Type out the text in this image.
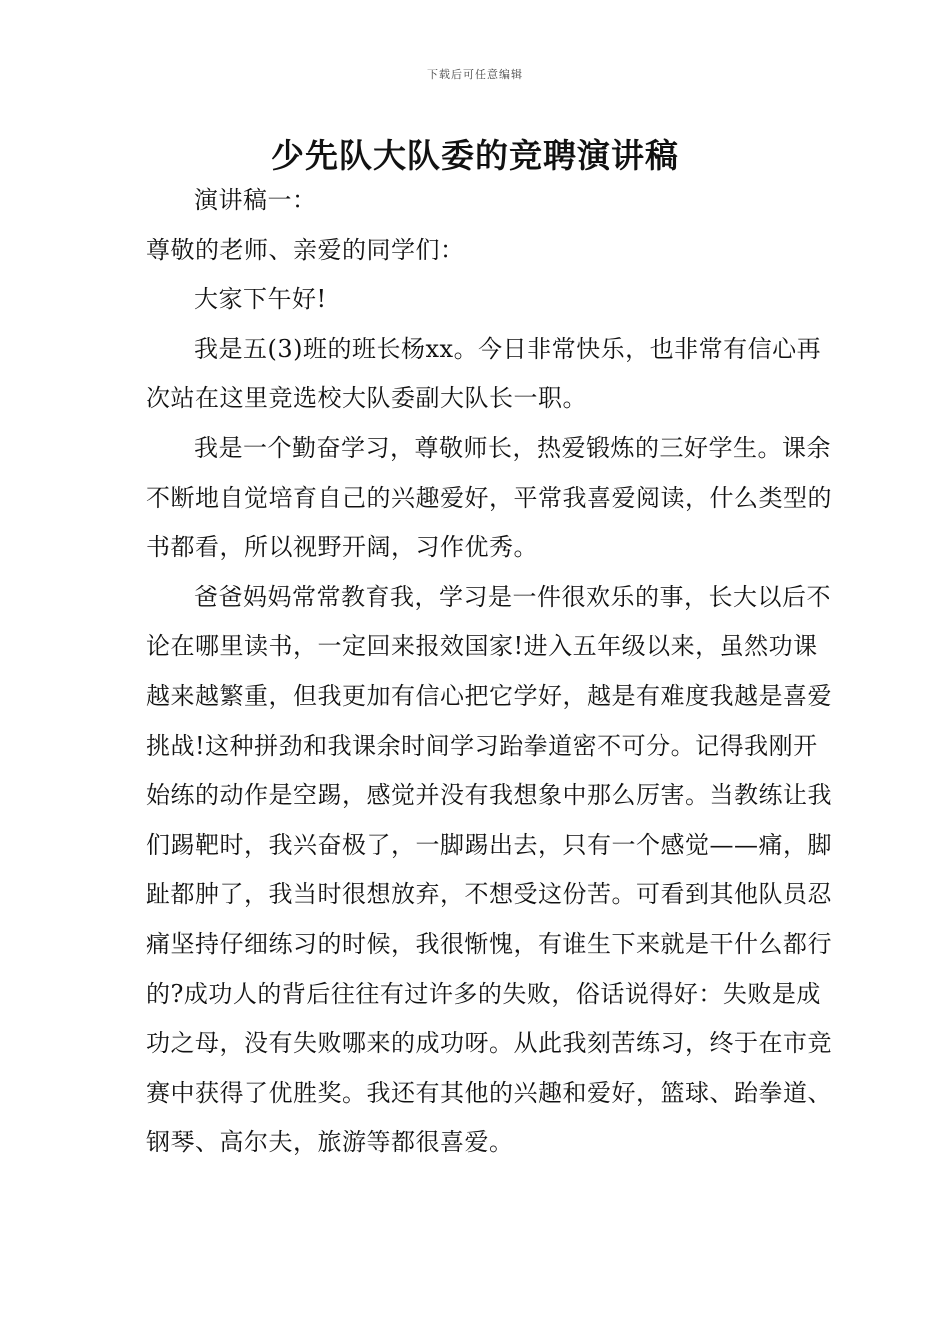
下载后可任意编辑
少先队大队委的竞聘演讲稿

演讲稿一：

尊敬的老师、亲爱的同学们：

大家下午好!

我是五(3)班的班长杨xx。今日非常快乐，也非常有信心再次站在这里竞选校大队委副大队长一职。

我是一个勤奋学习，尊敬师长，热爱锻炼的三好学生。课余不断地自觉培育自己的兴趣爱好，平常我喜爱阅读，什么类型的书都看，所以视野开阔，习作优秀。

爸爸妈妈常常教育我，学习是一件很欢乐的事，长大以后不论在哪里读书，一定回来报效国家!进入五年级以来，虽然功课越来越繁重，但我更加有信心把它学好，越是有难度我越是喜爱挑战!这种拼劲和我课余时间学习跆拳道密不可分。记得我刚开始练的动作是空踢，感觉并没有我想象中那么厉害。当教练让我们踢靶时，我兴奋极了，一脚踢出去，只有一个感觉——痛，脚趾都肿了，我当时很想放弃，不想受这份苦。可看到其他队员忍痛坚持仔细练习的时候，我很惭愧，有谁生下来就是干什么都行的?成功人的背后往往有过许多的失败，俗话说得好：失败是成功之母，没有失败哪来的成功呀。从此我刻苦练习，终于在市竞赛中获得了优胜奖。我还有其他的兴趣和爱好，篮球、跆拳道、钢琴、高尔夫，旅游等都很喜爱。
